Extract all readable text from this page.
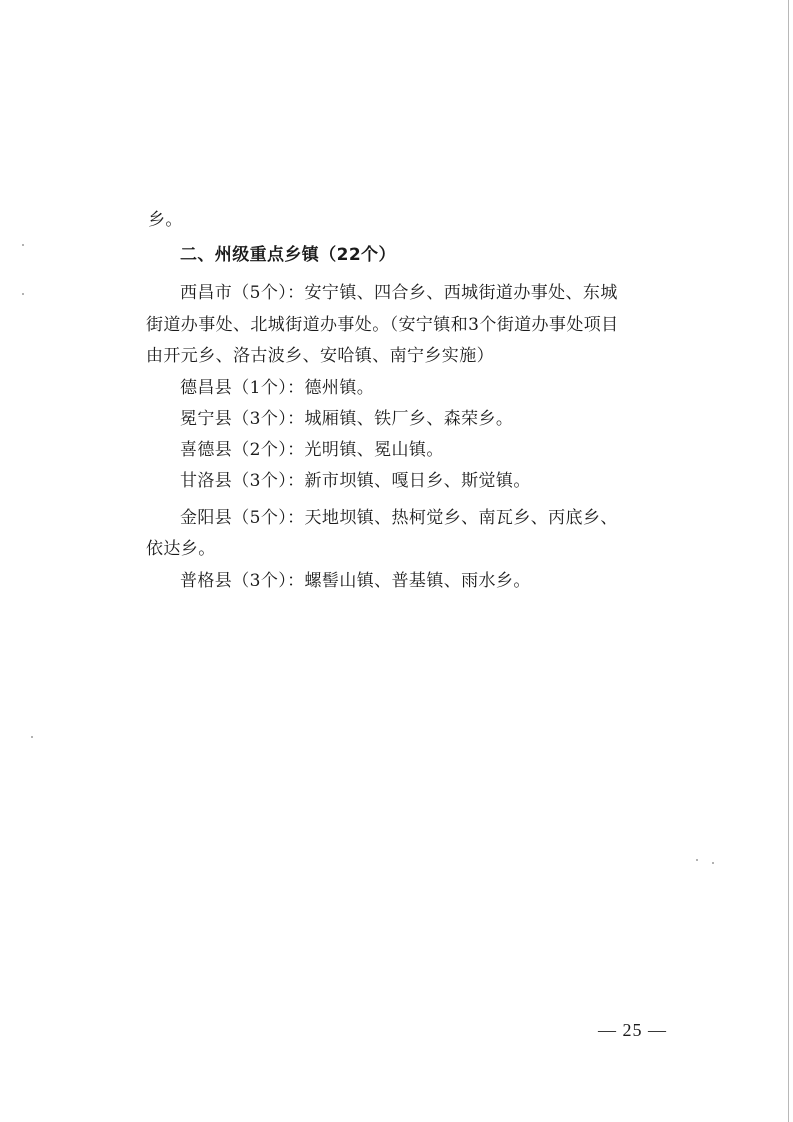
乡。
二、州级重点乡镇（22个）
西昌市（5个）：安宁镇、四合乡、西城街道办事处、东城
街道办事处、北城街道办事处。（安宁镇和3个街道办事处项目
由开元乡、洛古波乡、安哈镇、南宁乡实施）
德昌县（1个）：德州镇。
冕宁县（3个）：城厢镇、铁厂乡、森荣乡。
喜德县（2个）：光明镇、冕山镇。
甘洛县（3个）：新市坝镇、嘎日乡、斯觉镇。
金阳县（5个）：天地坝镇、热柯觉乡、南瓦乡、丙底乡、
依达乡。
普格县（3个）：螺髻山镇、普基镇、雨水乡。
— 25 —
